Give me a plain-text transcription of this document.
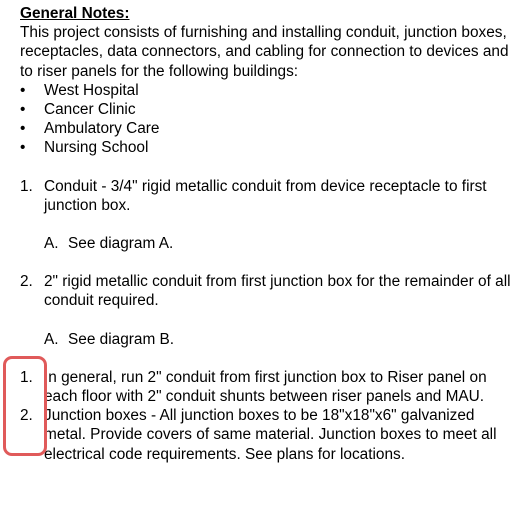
General Notes:

This project consists of furnishing and installing conduit, junction boxes, receptacles, data connectors, and cabling for connection to devices and to riser panels for the following buildings:

• West Hospital
• Cancer Clinic
• Ambulatory Care
• Nursing School
1. Conduit - 3/4" rigid metallic conduit from device receptacle to first junction box.
A. See diagram A.
2. 2" rigid metallic conduit from first junction box for the remainder of all conduit required.
A. See diagram B.
1. In general, run 2" conduit from first junction box to Riser panel on each floor with 2" conduit shunts between riser panels and MAU.
2. Junction boxes - All junction boxes to be 18"x18"x6" galvanized metal. Provide covers of same material. Junction boxes to meet all electrical code requirements. See plans for locations.
